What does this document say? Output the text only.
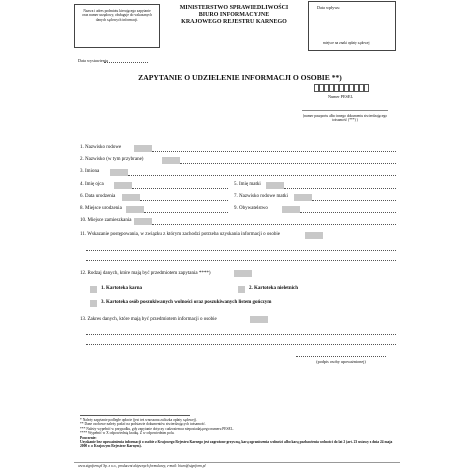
Nazwa i adres podmiotu kierującego zapytanie oraz numer urzędowy, obsługuje do wskazanych danych sądowych informacji.
MINISTERSTWO SPRAWIEDLIWOŚCI
BIURO INFORMACYJNE
KRAJOWEGO REJESTRU KARNEGO
Data wpływu
miejsce na znaki opłaty sądowej
Data wystawienia
ZAPYTANIE O UDZIELENIE INFORMACJI O OSOBIE **)
Numer PESEL
(numer paszportu albo innego dokumentu stwierdzającego tożsamość (***) )
1. Nazwisko rodowe
2. Nazwisko (w tym przybrane)
3. Imiona
4. Imię ojca	5. Imię matki
6. Data urodzenia	7. Nazwisko rodowe matki
8. Miejsce urodzenia	9. Obywatelstwo
10. Miejsce zamieszkania
11. Wskazanie postępowania, w związku z którym zachodzi potrzeba uzyskania informacji o osobie
12. Rodzaj danych, które mają być przedmiotem zapytania ****)
1. Kartoteka karna	2. Kartoteka nieletnich
3. Kartoteka osób poszukiwanych wolności oraz poszukiwanych listem gończym
13. Zakres danych, które mają być przedmiotem informacji o osobie
(podpis osoby upoważnionej)
* Należy zapytanie podległe opłacie (jest też wnoszona zaliczka opłaty sądowej).
** Dane osobowe należy podać na podstawie dokumentów stwierdzających tożsamość.
*** Należy wypełnić w przypadku, gdy zapytanie dotyczy cudzoziemca nieposiadającego numeru PESEL.
**** Wypełnić w X odpowiednią kratkę. Z w odpowiednim polu.
Pouczenie:
Uzyskanie bez upoważnienia informacji o osobie z Krajowego Rejestru Karnego jest zagrożone grzywną, karą ograniczenia wolności albo karą pozbawienia wolności do lat 2 (art. 23 ustawy z dnia 24 maja 2000 r. o Krajowym Rejestrze Karnym).
www.signform.pl Sp. z o.o., producent aktywnych formularzy, e-mail: biuro@signform.pl
